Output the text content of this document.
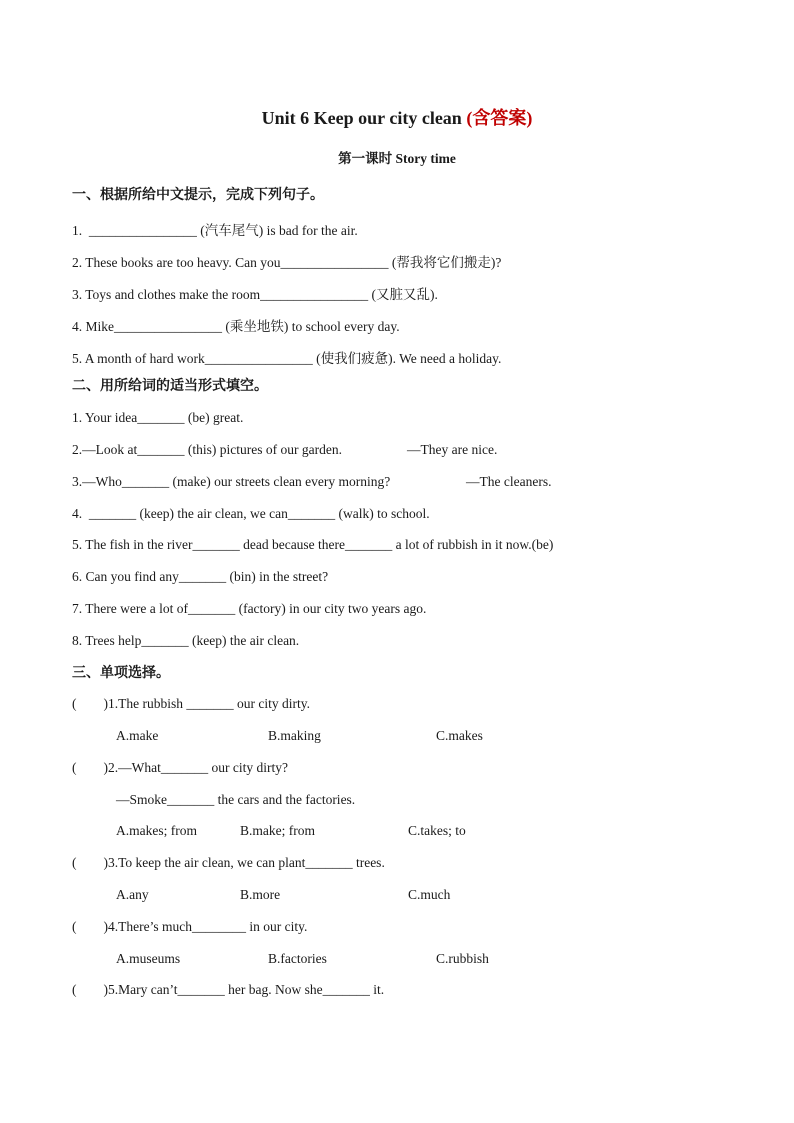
Unit 6 Keep our city clean (含答案)
第一课时 Story time
一、根据所给中文提示，完成下列句子。
1.  ________________ (汽车尾气) is bad for the air.
2. These books are too heavy. Can you________________ (帮我将它们搬走)?
3. Toys and clothes make the room________________ (又脏又乱).
4. Mike________________ (乘坐地铁) to school every day.
5. A month of hard work________________ (使我们疲惫). We need a holiday.
二、用所给词的适当形式填空。
1. Your idea_______ (be) great.
2.—Look at_______ (this) pictures of our garden.	—They are nice.
3.—Who_______ (make) our streets clean every morning?	—The cleaners.
4.  _______ (keep) the air clean, we can_______ (walk) to school.
5. The fish in the river_______ dead because there_______ a lot of rubbish in it now.(be)
6. Can you find any_______ (bin) in the street?
7. There were a lot of_______ (factory) in our city two years ago.
8. Trees help_______ (keep) the air clean.
三、单项选择。
(        )1.The rubbish _______ our city dirty.
A.make	B.making	C.makes
(        )2.—What_______ our city dirty?
—Smoke_______ the cars and the factories.
A.makes; from	B.make; from	C.takes; to
(        )3.To keep the air clean, we can plant_______ trees.
A.any	B.more	C.much
(        )4.There’s much________ in our city.
A.museums	B.factories	C.rubbish
(        )5.Mary can’t_______ her bag. Now she_______ it.
